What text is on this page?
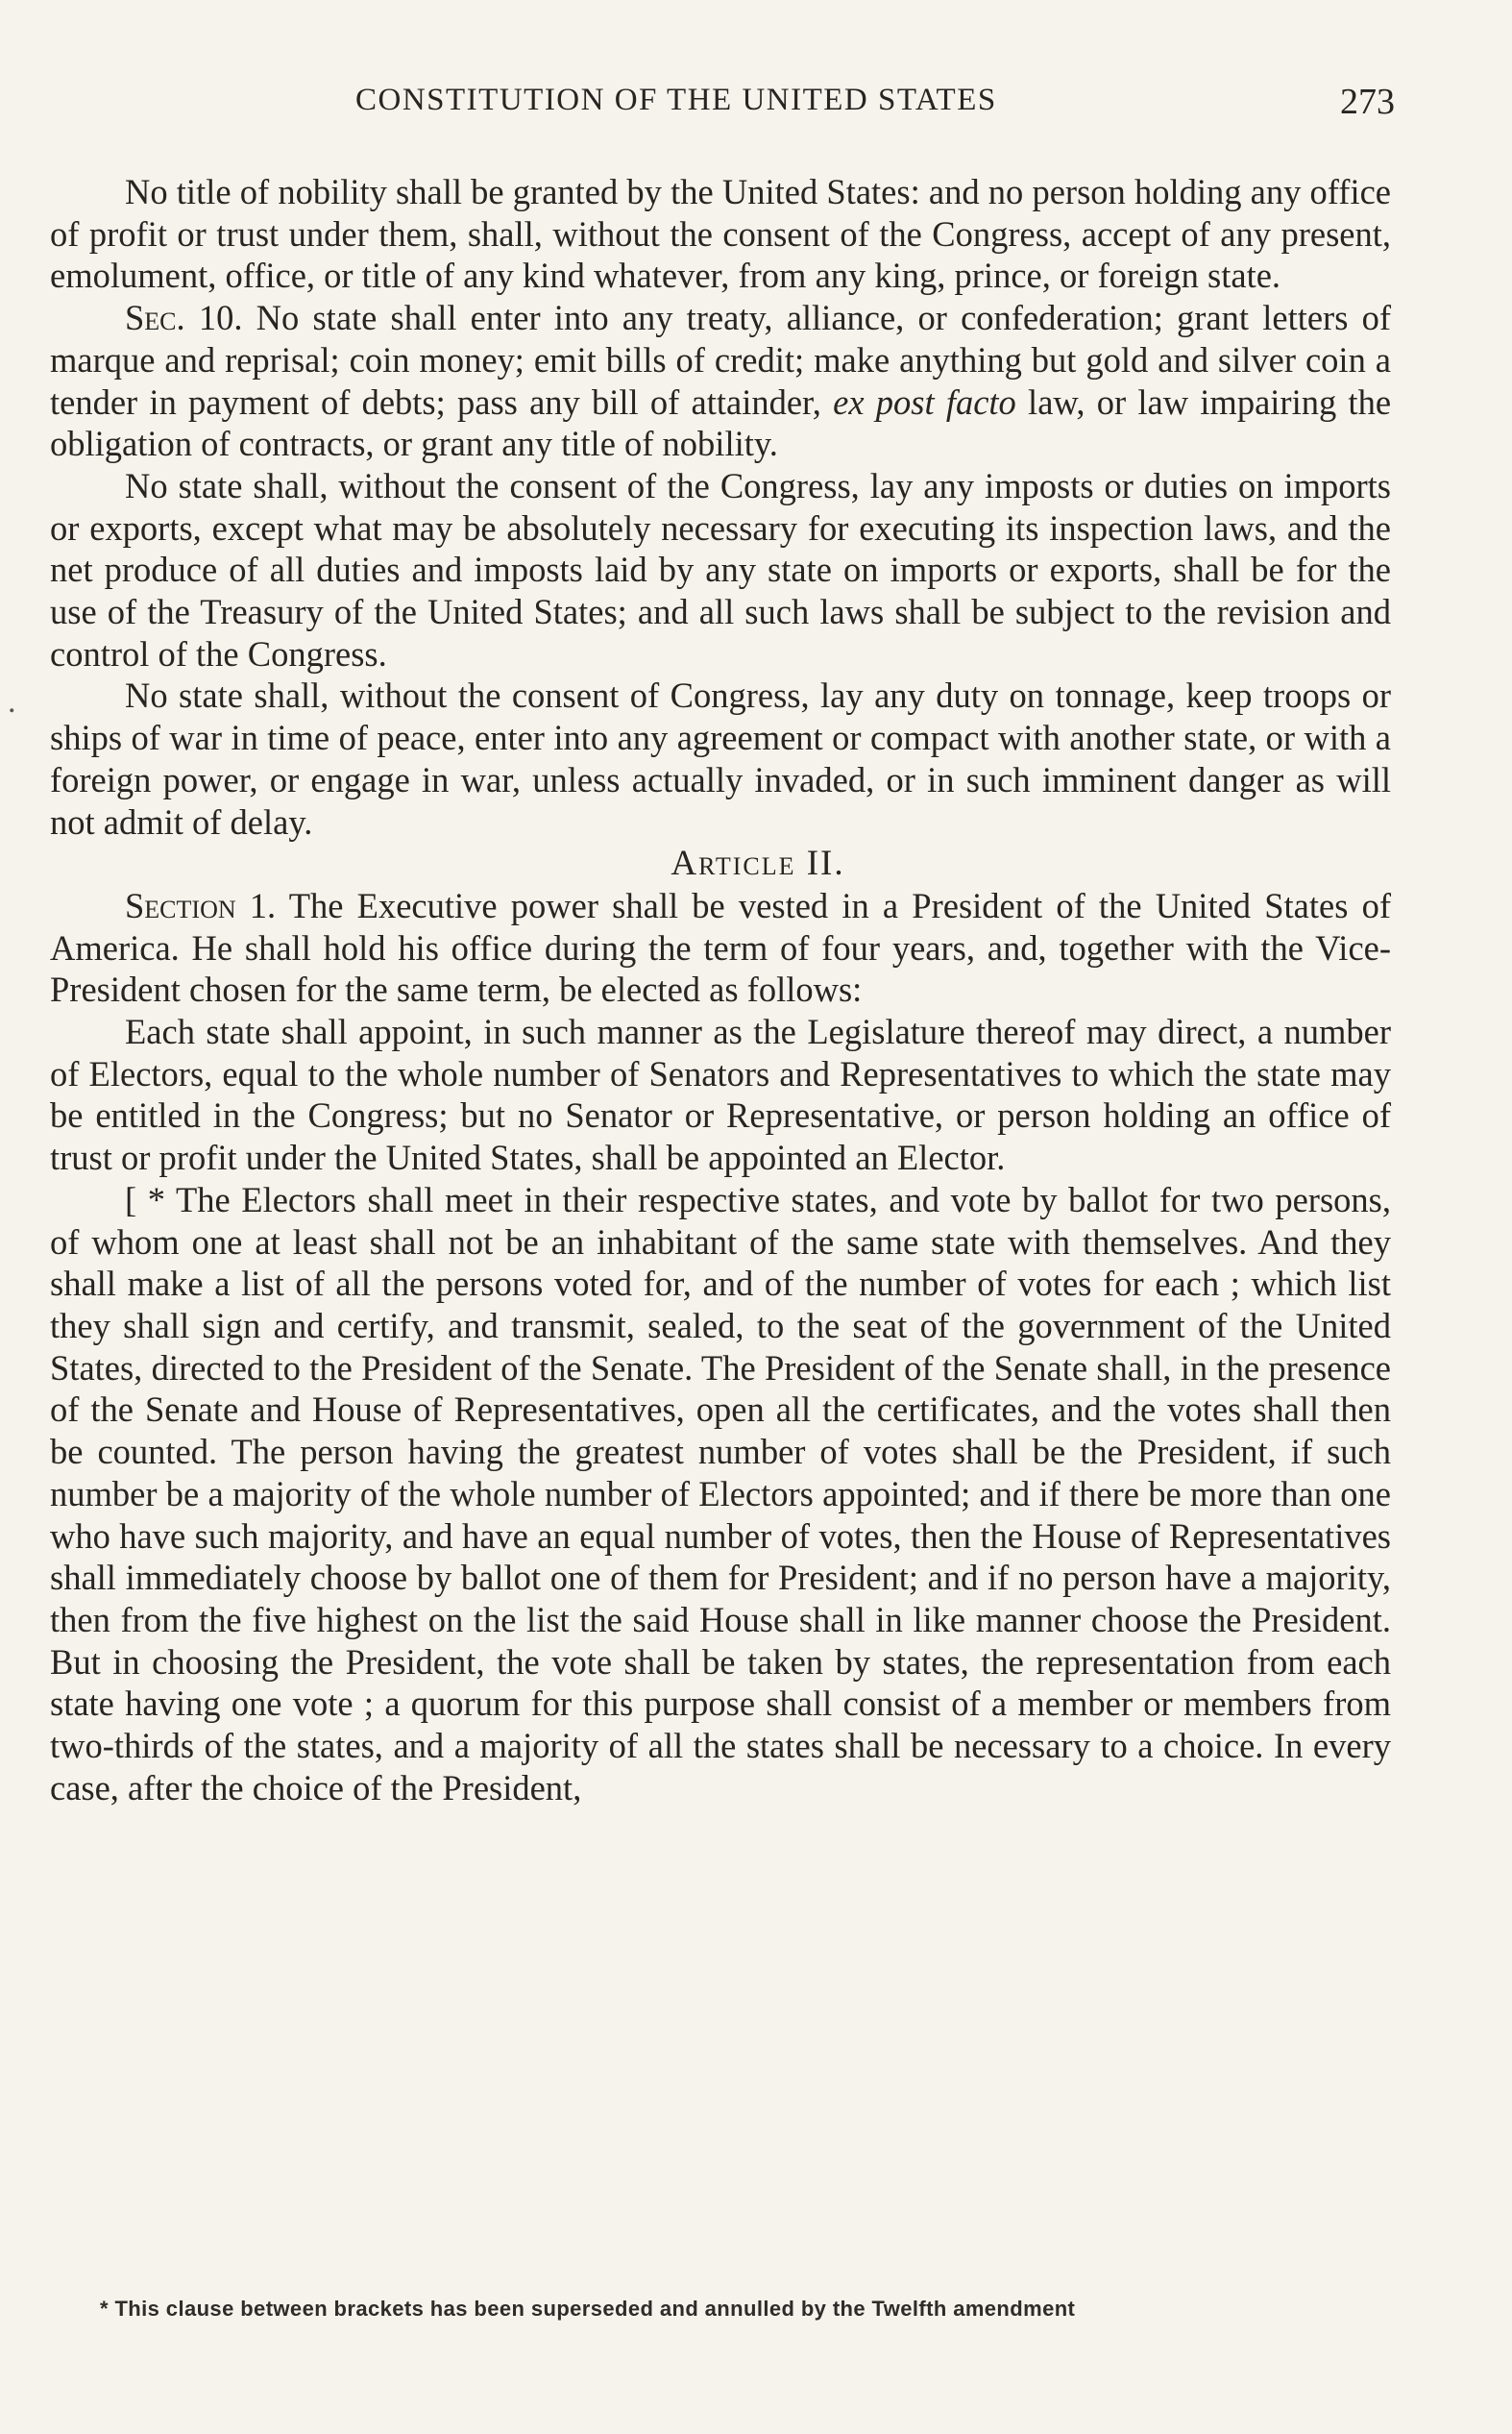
CONSTITUTION OF THE UNITED STATES	273

No title of nobility shall be granted by the United States: and no person holding any office of profit or trust under them, shall, without the consent of the Congress, accept of any present, emolument, office, or title of any kind whatever, from any king, prince, or foreign state.

Sec. 10. No state shall enter into any treaty, alliance, or confederation; grant letters of marque and reprisal; coin money; emit bills of credit; make anything but gold and silver coin a tender in payment of debts; pass any bill of attainder, ex post facto law, or law impairing the obligation of contracts, or grant any title of nobility.

No state shall, without the consent of the Congress, lay any imposts or duties on imports or exports, except what may be absolutely necessary for executing its inspection laws, and the net produce of all duties and imposts laid by any state on imports or exports, shall be for the use of the Treasury of the United States; and all such laws shall be subject to the revision and control of the Congress.

No state shall, without the consent of Congress, lay any duty on tonnage, keep troops or ships of war in time of peace, enter into any agreement or compact with another state, or with a foreign power, or engage in war, unless actually invaded, or in such imminent danger as will not admit of delay.

Article II.

Section 1. The Executive power shall be vested in a President of the United States of America. He shall hold his office during the term of four years, and, together with the Vice-President chosen for the same term, be elected as follows:

Each state shall appoint, in such manner as the Legislature thereof may direct, a number of Electors, equal to the whole number of Senators and Representatives to which the state may be entitled in the Congress; but no Senator or Representative, or person holding an office of trust or profit under the United States, shall be appointed an Elector.

[ * The Electors shall meet in their respective states, and vote by ballot for two persons, of whom one at least shall not be an inhabitant of the same state with themselves. And they shall make a list of all the persons voted for, and of the number of votes for each ; which list they shall sign and certify, and transmit, sealed, to the seat of the government of the United States, directed to the President of the Senate. The President of the Senate shall, in the presence of the Senate and House of Representatives, open all the certificates, and the votes shall then be counted. The person having the greatest number of votes shall be the President, if such number be a majority of the whole number of Electors appointed; and if there be more than one who have such majority, and have an equal number of votes, then the House of Representatives shall immediately choose by ballot one of them for President; and if no person have a majority, then from the five highest on the list the said House shall in like manner choose the President. But in choosing the President, the vote shall be taken by states, the representation from each state having one vote ; a quorum for this purpose shall consist of a member or members from two-thirds of the states, and a majority of all the states shall be necessary to a choice. In every case, after the choice of the President,

* This clause between brackets has been superseded and annulled by the Twelfth amendment
.
